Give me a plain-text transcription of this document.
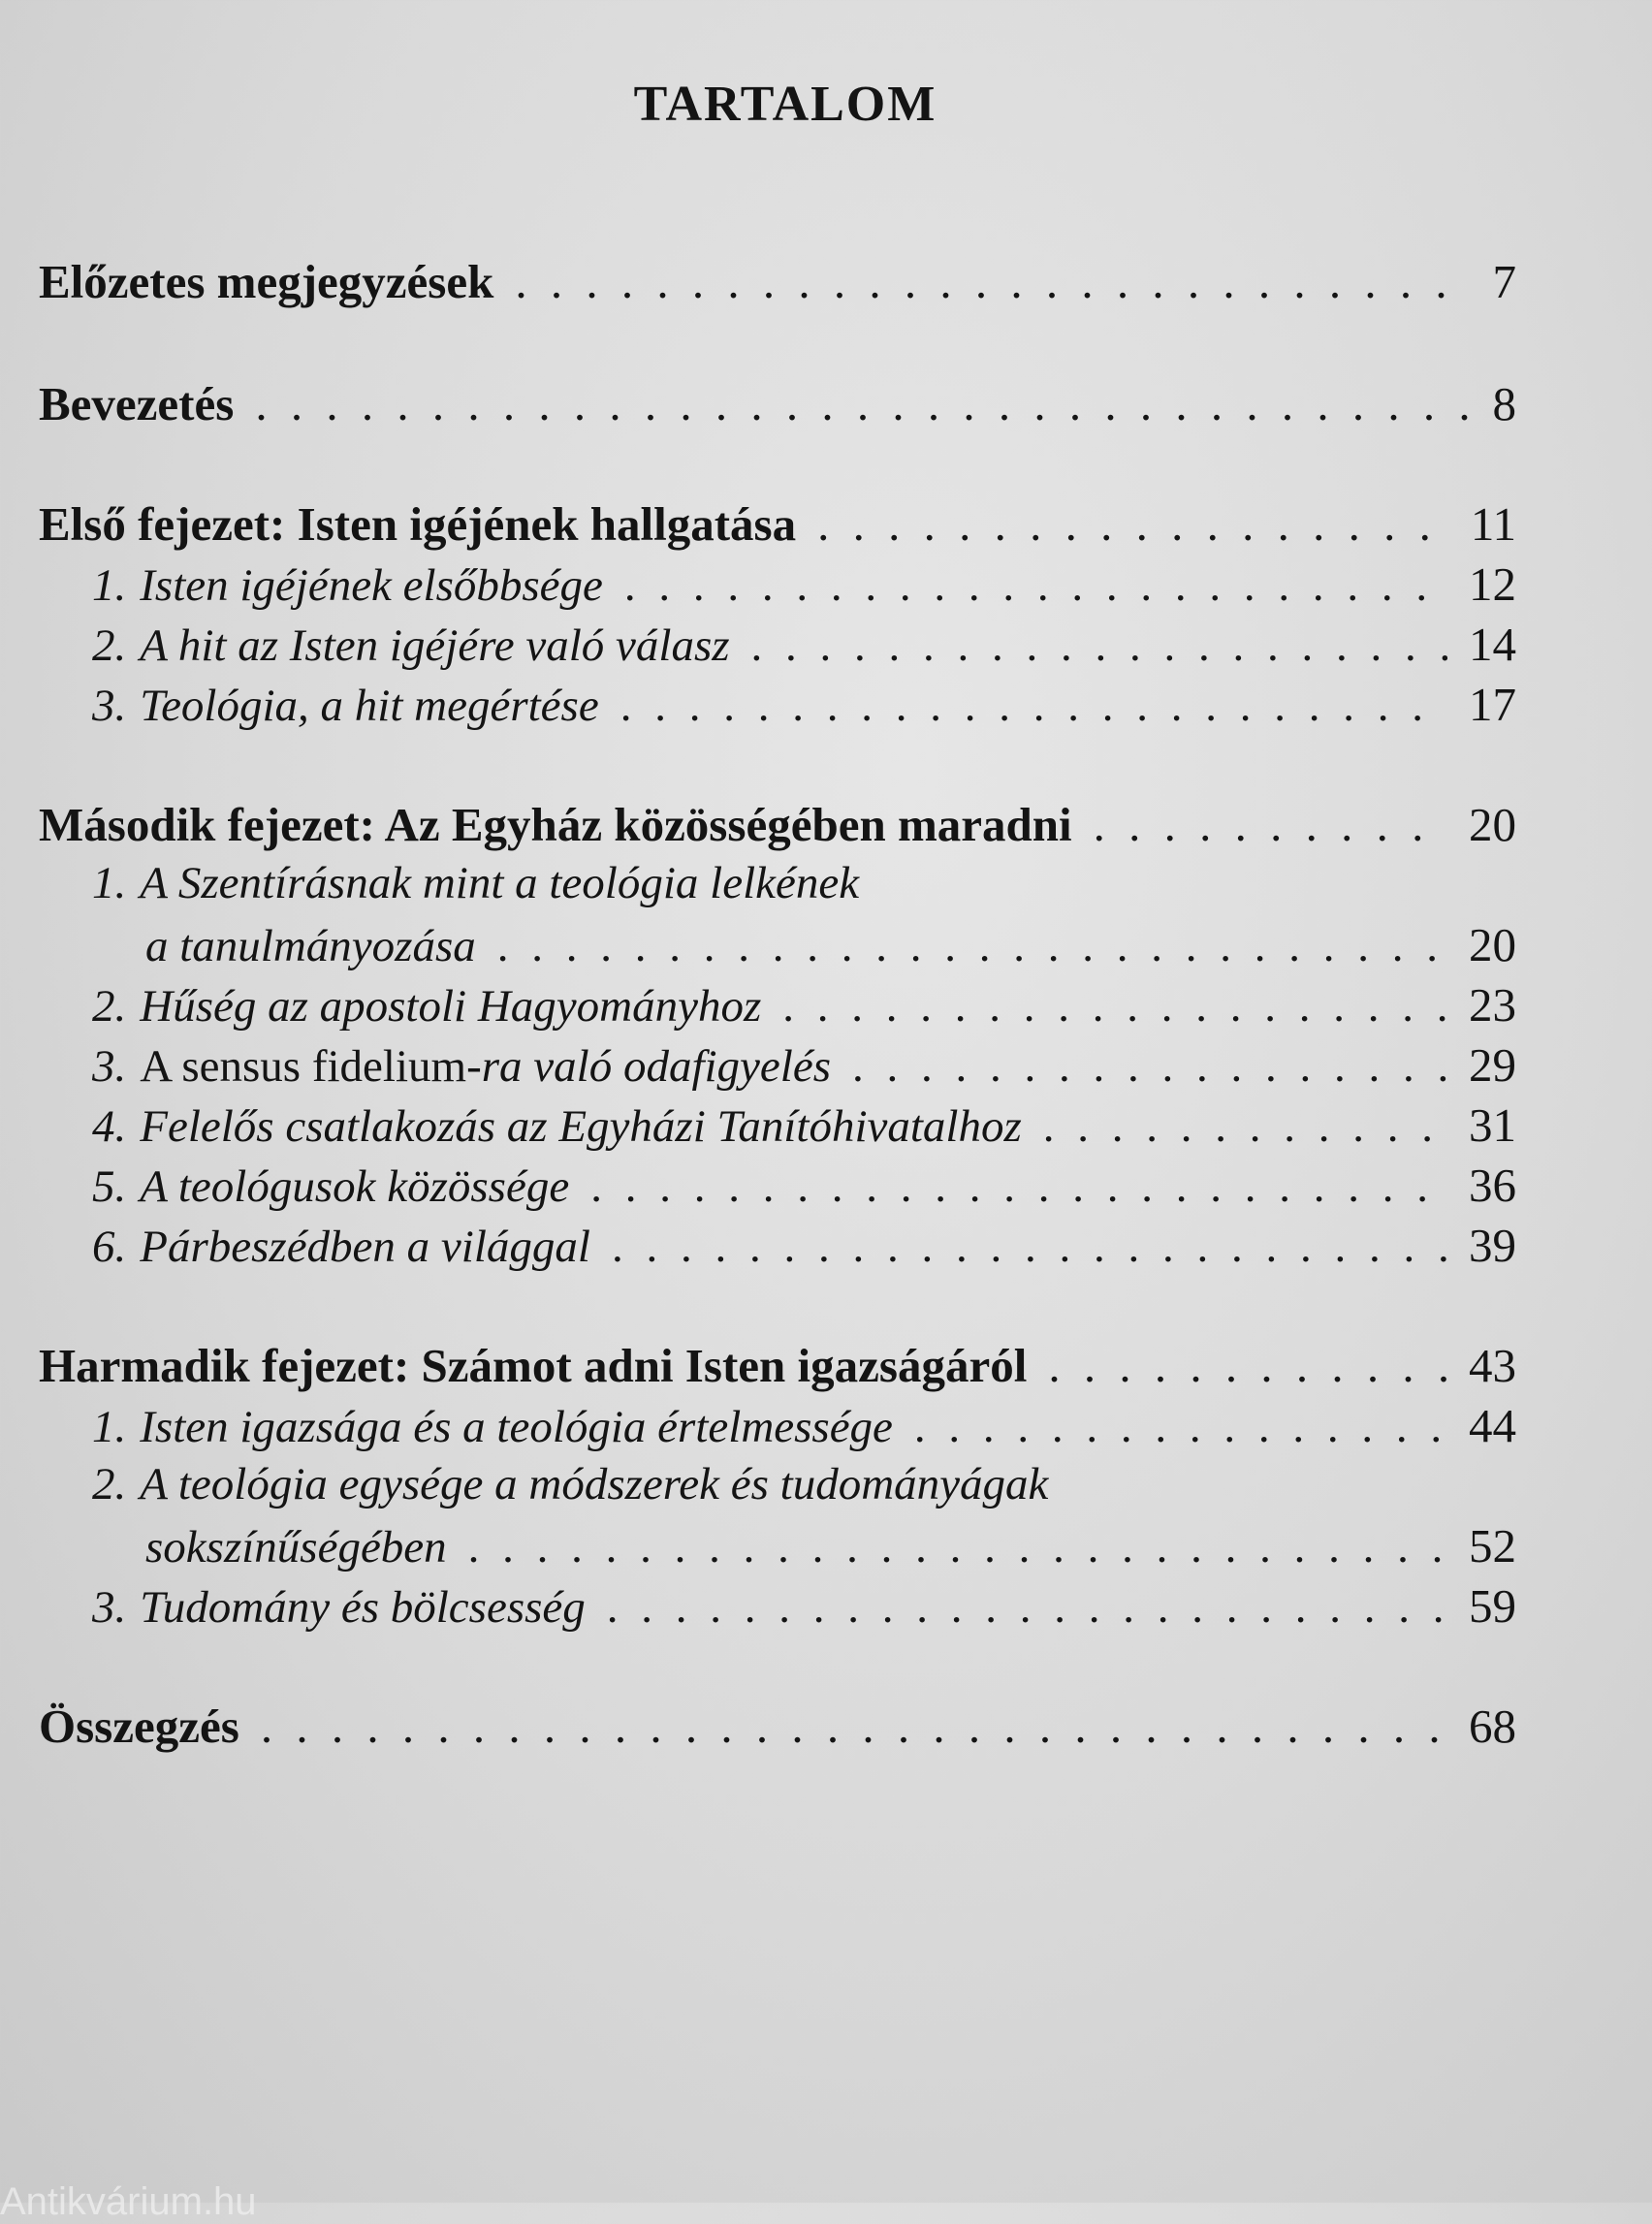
TARTALOM
Előzetes megjegyzések . . .	7
Bevezetés . . .	8
Első fejezet: Isten igéjének hallgatása . . .	11
1. Isten igéjének elsőbbsége . . .	12
2. A hit az Isten igéjére való válasz . . .	14
3. Teológia, a hit megértése . . .	17
Második fejezet: Az Egyház közösségében maradni . . .	20
1. A Szentírásnak mint a teológia lelkének
a tanulmányozása . . .	20
2. Hűség az apostoli Hagyományhoz . . .	23
3. A sensus fidelium-ra való odafigyelés . . .	29
4. Felelős csatlakozás az Egyházi Tanítóhivatalhoz . . .	31
5. A teológusok közössége . . .	36
6. Párbeszédben a világgal . . .	39
Harmadik fejezet: Számot adni Isten igazságáról . . .	43
1. Isten igazsága és a teológia értelmessége . . .	44
2. A teológia egysége a módszerek és tudományágak
sokszínűségében . . .	52
3. Tudomány és bölcsesség . . .	59
Összegzés . . .	68
Antikvárium.hu
